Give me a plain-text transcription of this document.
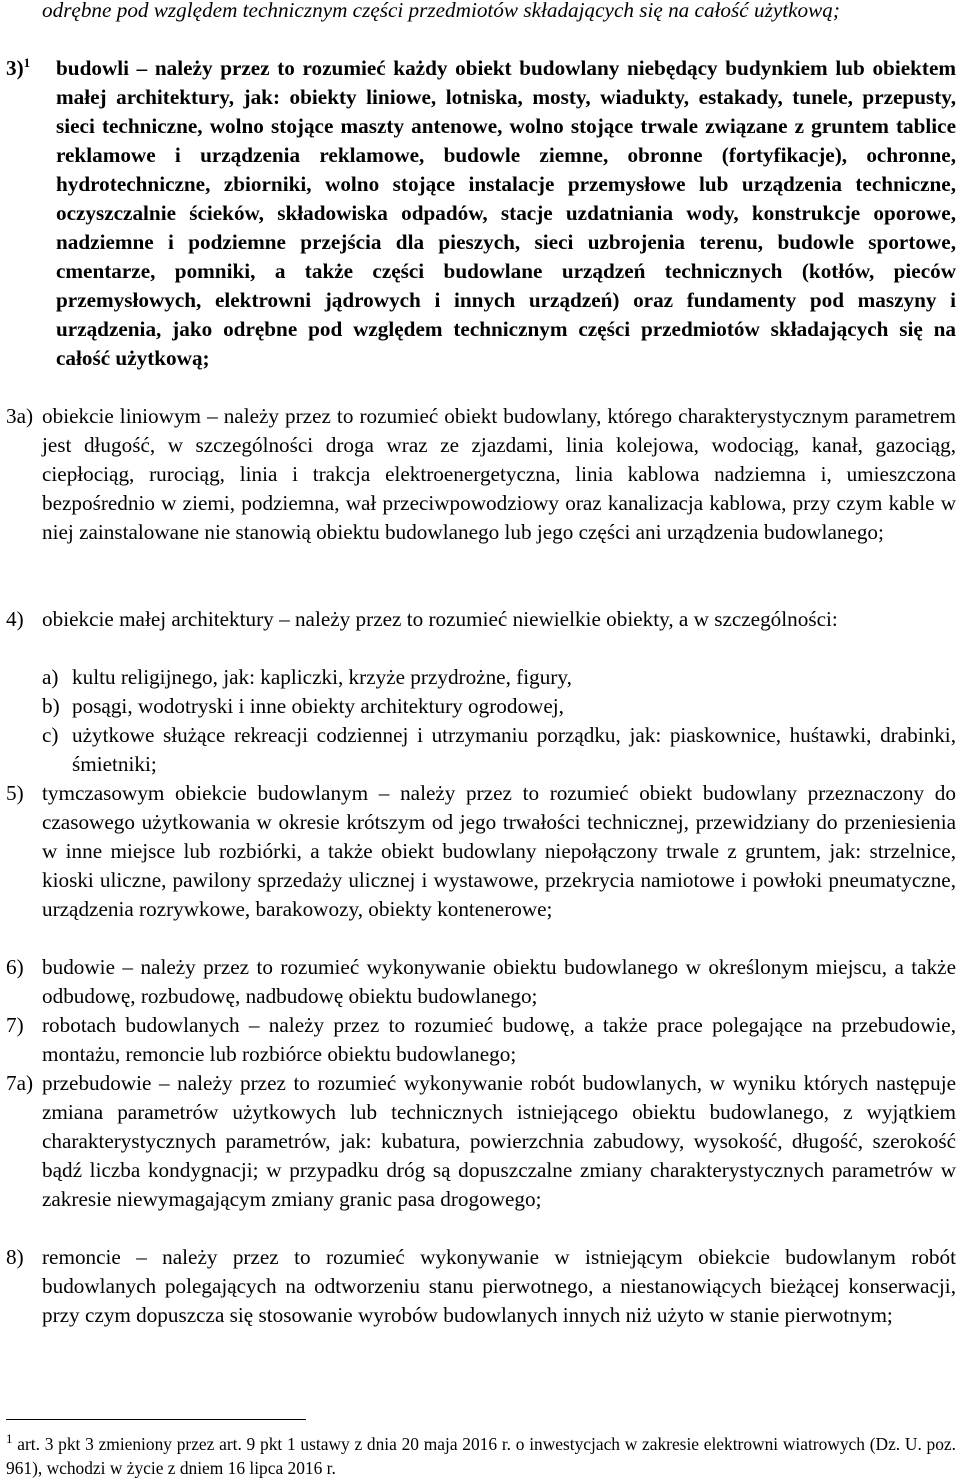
odrębne pod względem technicznym części przedmiotów składających się na całość użytkową;
3)$^1$ budowli – należy przez to rozumieć każdy obiekt budowlany niebędący budynkiem lub obiektem małej architektury, jak: obiekty liniowe, lotniska, mosty, wiadukty, estakady, tunele, przepusty, sieci techniczne, wolno stojące maszty antenowe, wolno stojące trwale związane z gruntem tablice reklamowe i urządzenia reklamowe, budowle ziemne, obronne (fortyfikacje), ochronne, hydrotechniczne, zbiorniki, wolno stojące instalacje przemysłowe lub urządzenia techniczne, oczyszczalnie ścieków, składowiska odpadów, stacje uzdatniania wody, konstrukcje oporowe, nadziemne i podziemne przejścia dla pieszych, sieci uzbrojenia terenu, budowle sportowe, cmentarze, pomniki, a także części budowlane urządzeń technicznych (kotłów, pieców przemysłowych, elektrowni jądrowych i innych urządzeń) oraz fundamenty pod maszyny i urządzenia, jako odrębne pod względem technicznym części przedmiotów składających się na całość użytkową;
3a) obiekcie liniowym – należy przez to rozumieć obiekt budowlany, którego charakterystycznym parametrem jest długość, w szczególności droga wraz ze zjazdami, linia kolejowa, wodociąg, kanał, gazociąg, ciepłociąg, rurociąg, linia i trakcja elektroenergetyczna, linia kablowa nadziemna i, umieszczona bezpośrednio w ziemi, podziemna, wał przeciwpowodziowy oraz kanalizacja kablowa, przy czym kable w niej zainstalowane nie stanowią obiektu budowlanego lub jego części ani urządzenia budowlanego;
4) obiekcie małej architektury – należy przez to rozumieć niewielkie obiekty, a w szczególności:
a) kultu religijnego, jak: kapliczki, krzyże przydrożne, figury,
b) posągi, wodotryski i inne obiekty architektury ogrodowej,
c) użytkowe służące rekreacji codziennej i utrzymaniu porządku, jak: piaskownice, huśtawki, drabinki, śmietniki;
5) tymczasowym obiekcie budowlanym – należy przez to rozumieć obiekt budowlany przeznaczony do czasowego użytkowania w okresie krótszym od jego trwałości technicznej, przewidziany do przeniesienia w inne miejsce lub rozbiórki, a także obiekt budowlany niepołączony trwale z gruntem, jak: strzelnice, kioski uliczne, pawilony sprzedaży ulicznej i wystawowe, przekrycia namiotowe i powłoki pneumatyczne, urządzenia rozrywkowe, barakowozy, obiekty kontenerowe;
6) budowie – należy przez to rozumieć wykonywanie obiektu budowlanego w określonym miejscu, a także odbudowę, rozbudowę, nadbudowę obiektu budowlanego;
7) robotach budowlanych – należy przez to rozumieć budowę, a także prace polegające na przebudowie, montażu, remoncie lub rozbiórce obiektu budowlanego;
7a) przebudowie – należy przez to rozumieć wykonywanie robót budowlanych, w wyniku których następuje zmiana parametrów użytkowych lub technicznych istniejącego obiektu budowlanego, z wyjątkiem charakterystycznych parametrów, jak: kubatura, powierzchnia zabudowy, wysokość, długość, szerokość bądź liczba kondygnacji; w przypadku dróg są dopuszczalne zmiany charakterystycznych parametrów w zakresie niewymagającym zmiany granic pasa drogowego;
8) remoncie – należy przez to rozumieć wykonywanie w istniejącym obiekcie budowlanym robót budowlanych polegających na odtworzeniu stanu pierwotnego, a niestanowiących bieżącej konserwacji, przy czym dopuszcza się stosowanie wyrobów budowlanych innych niż użyto w stanie pierwotnym;
$^1$ art. 3 pkt 3 zmieniony przez art. 9 pkt 1 ustawy z dnia 20 maja 2016 r. o inwestycjach w zakresie elektrowni wiatrowych (Dz. U. poz. 961), wchodzi w życie z dniem 16 lipca 2016 r.
